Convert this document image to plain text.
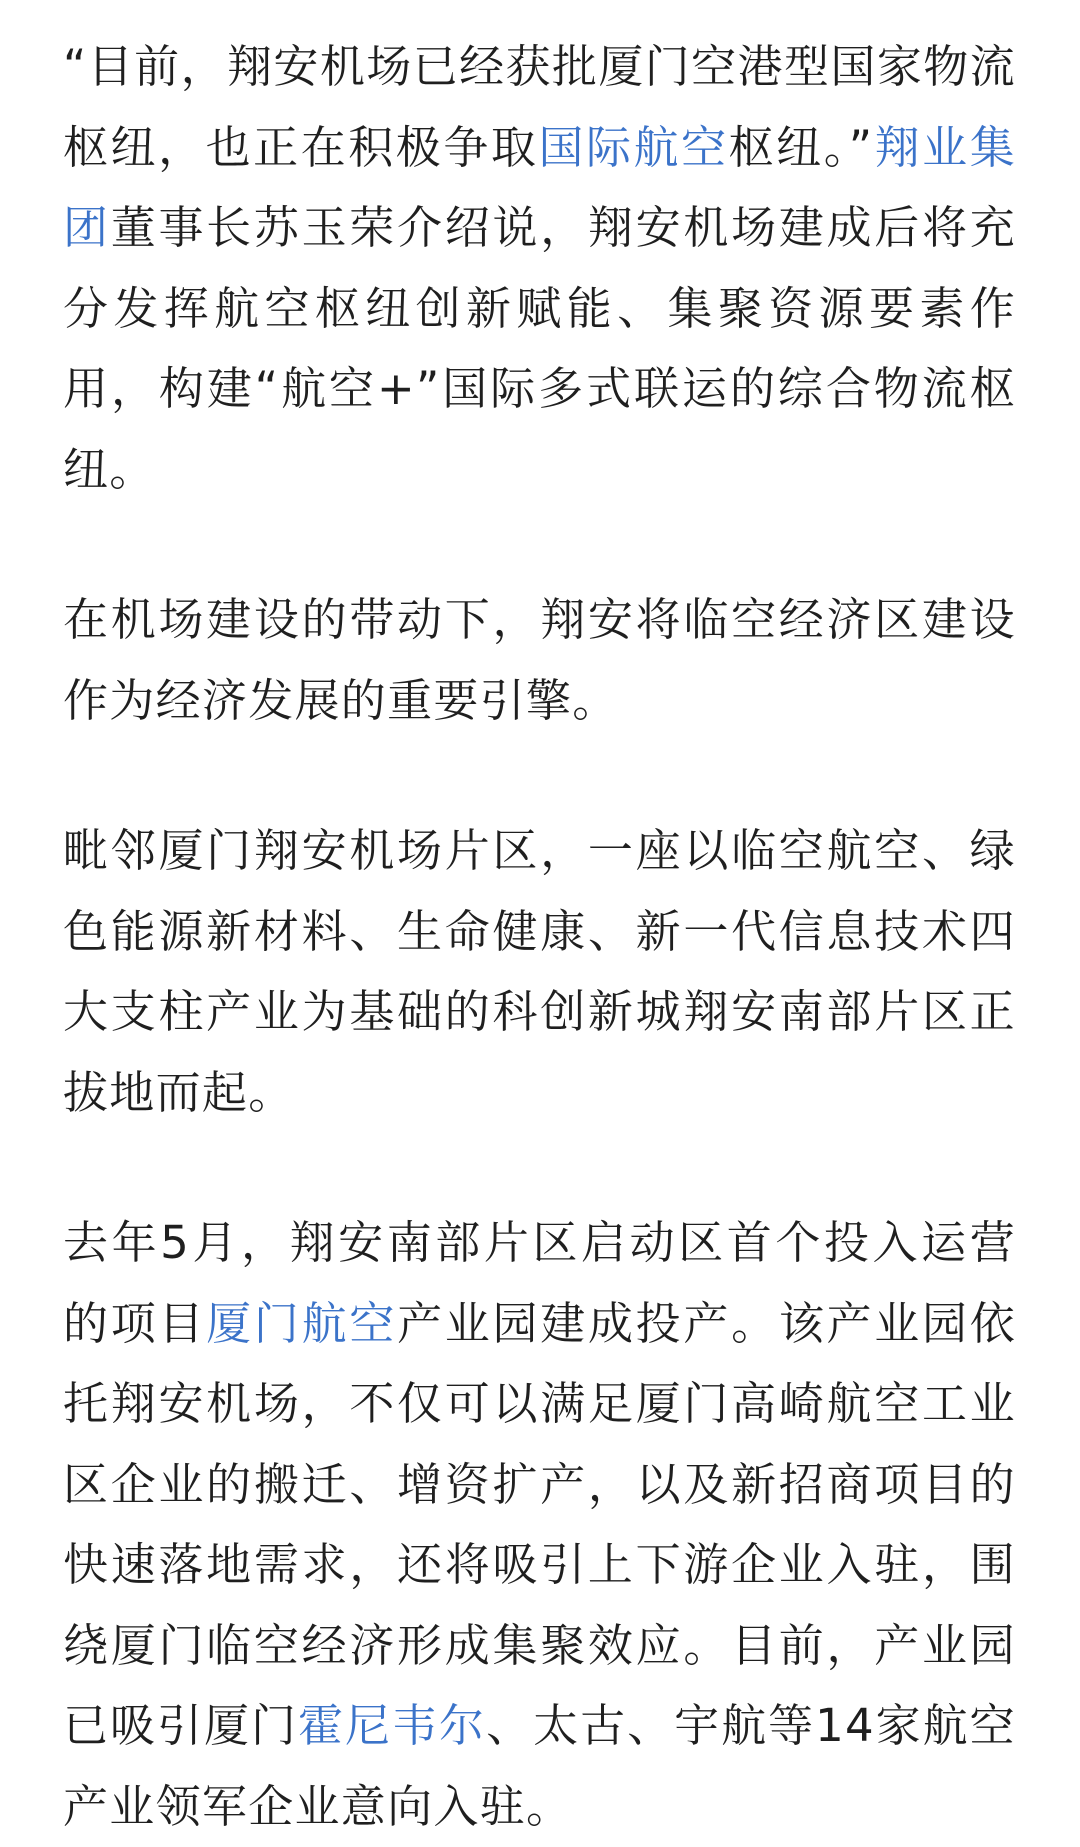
“目前，翔安机场已经获批厦门空港型国家物流枢纽，也正在积极争取国际航空枢纽。”翔业集团董事长苏玉荣介绍说，翔安机场建成后将充分发挥航空枢纽创新赋能、集聚资源要素作用，构建“航空+”国际多式联运的综合物流枢纽。

在机场建设的带动下，翔安将临空经济区建设作为经济发展的重要引擎。

毗邻厦门翔安机场片区，一座以临空航空、绿色能源新材料、生命健康、新一代信息技术四大支柱产业为基础的科创新城翔安南部片区正拔地而起。

去年5月，翔安南部片区启动区首个投入运营的项目厦门航空产业园建成投产。该产业园依托翔安机场，不仅可以满足厦门高崎航空工业区企业的搬迁、增资扩产，以及新招商项目的快速落地需求，还将吸引上下游企业入驻，围绕厦门临空经济形成集聚效应。目前，产业园已吸引厦门霍尼韦尔、太古、宇航等14家航空产业领军企业意向入驻。
